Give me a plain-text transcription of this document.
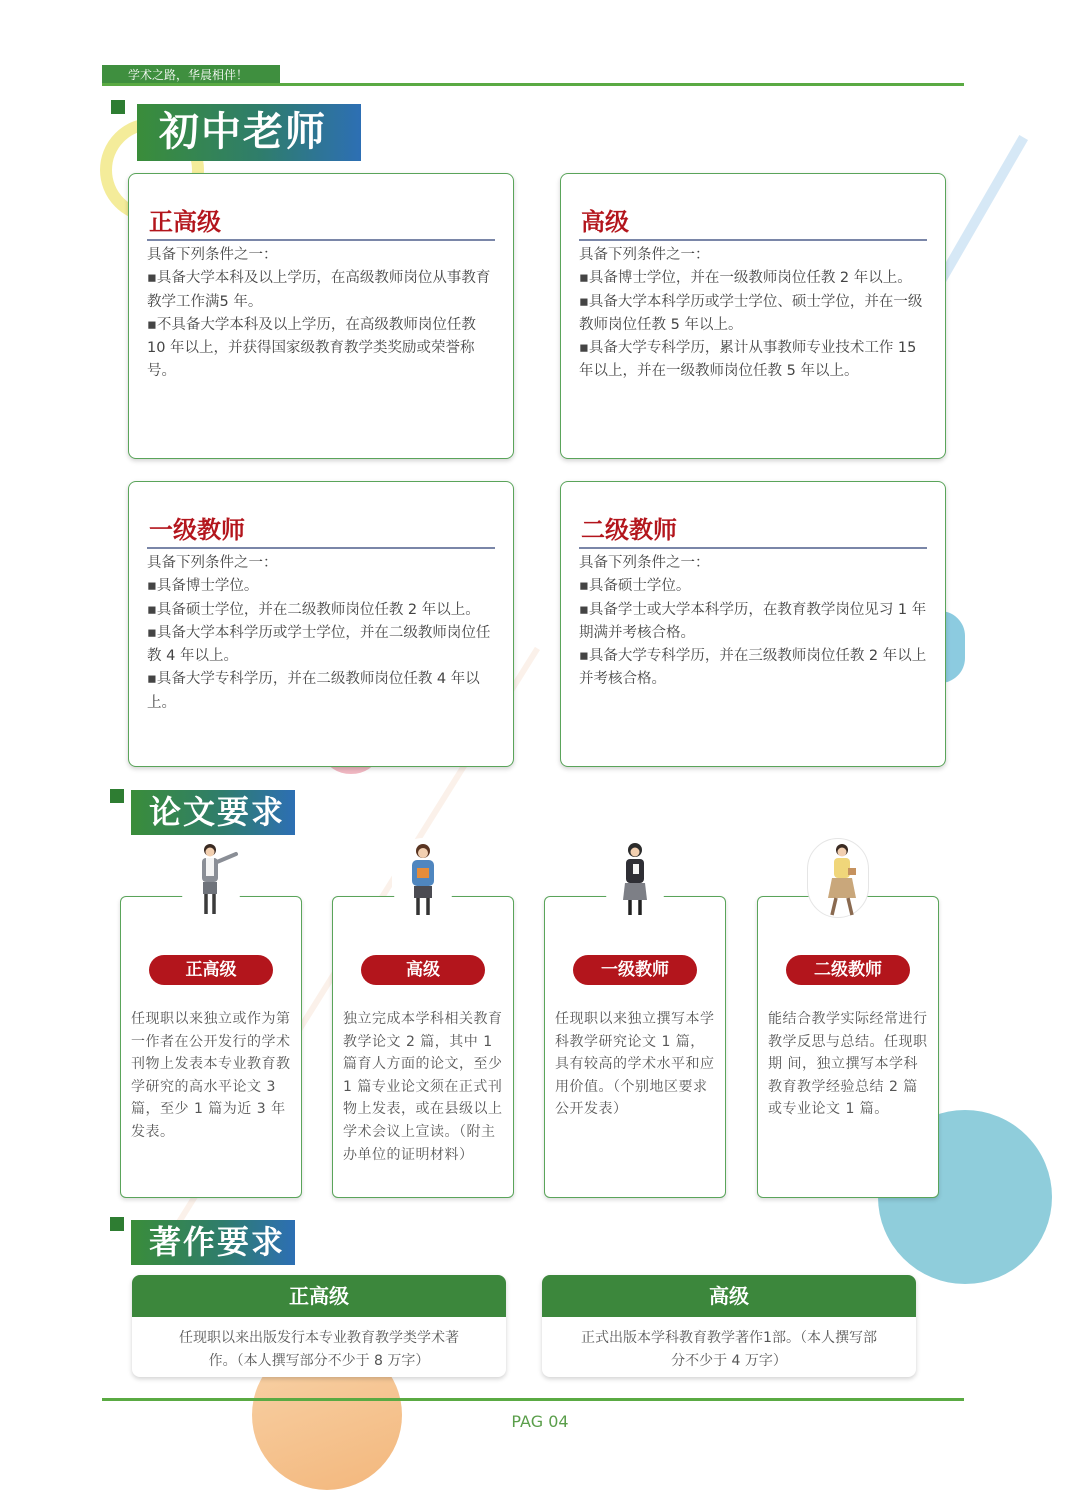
学术之路，华晨相伴！
初中老师
正高级
具备下列条件之一：
▪具备大学本科及以上学历，在高级教师岗位从事教育教学工作满5 年。
▪不具备大学本科及以上学历，在高级教师岗位任教 10 年以上，并获得国家级教育教学类奖励或荣誉称号。
高级
具备下列条件之一：
▪具备博士学位，并在一级教师岗位任教 2 年以上。
▪具备大学本科学历或学士学位、硕士学位，并在一级教师岗位任教 5 年以上。
▪具备大学专科学历，累计从事教师专业技术工作 15 年以上，并在一级教师岗位任教 5 年以上。
一级教师
具备下列条件之一：
▪具备博士学位。
▪具备硕士学位，并在二级教师岗位任教 2 年以上。
▪具备大学本科学历或学士学位，并在二级教师岗位任教 4 年以上。
▪具备大学专科学历，并在二级教师岗位任教 4 年以上。
二级教师
具备下列条件之一：
▪具备硕士学位。
▪具备学士或大学本科学历，在教育教学岗位见习 1 年期满并考核合格。
▪具备大学专科学历，并在三级教师岗位任教 2 年以上并考核合格。
论文要求
正高级
任现职以来独立或作为第一作者在公开发行的学术刊物上发表本专业教育教学研究的高水平论文 3 篇，至少 1 篇为近 3 年发表。
高级
独立完成本学科相关教育教学论文 2 篇，其中 1 篇育人方面的论文，至少 1 篇专业论文须在正式刊物上发表，或在县级以上学术会议上宣读。（附主办单位的证明材料）
一级教师
任现职以来独立撰写本学科教学研究论文 1 篇，具有较高的学术水平和应用价值。（个别地区要求公开发表）
二级教师
能结合教学实际经常进行教学反思与总结。任现职期 间，独立撰写本学科教育教学经验总结 2 篇或专业论文 1 篇。
著作要求
正高级
任现职以来出版发行本专业教育教学类学术著作。（本人撰写部分不少于 8 万字）
高级
正式出版本学科教育教学著作1部。（本人撰写部分不少于 4 万字）
PAG 04
